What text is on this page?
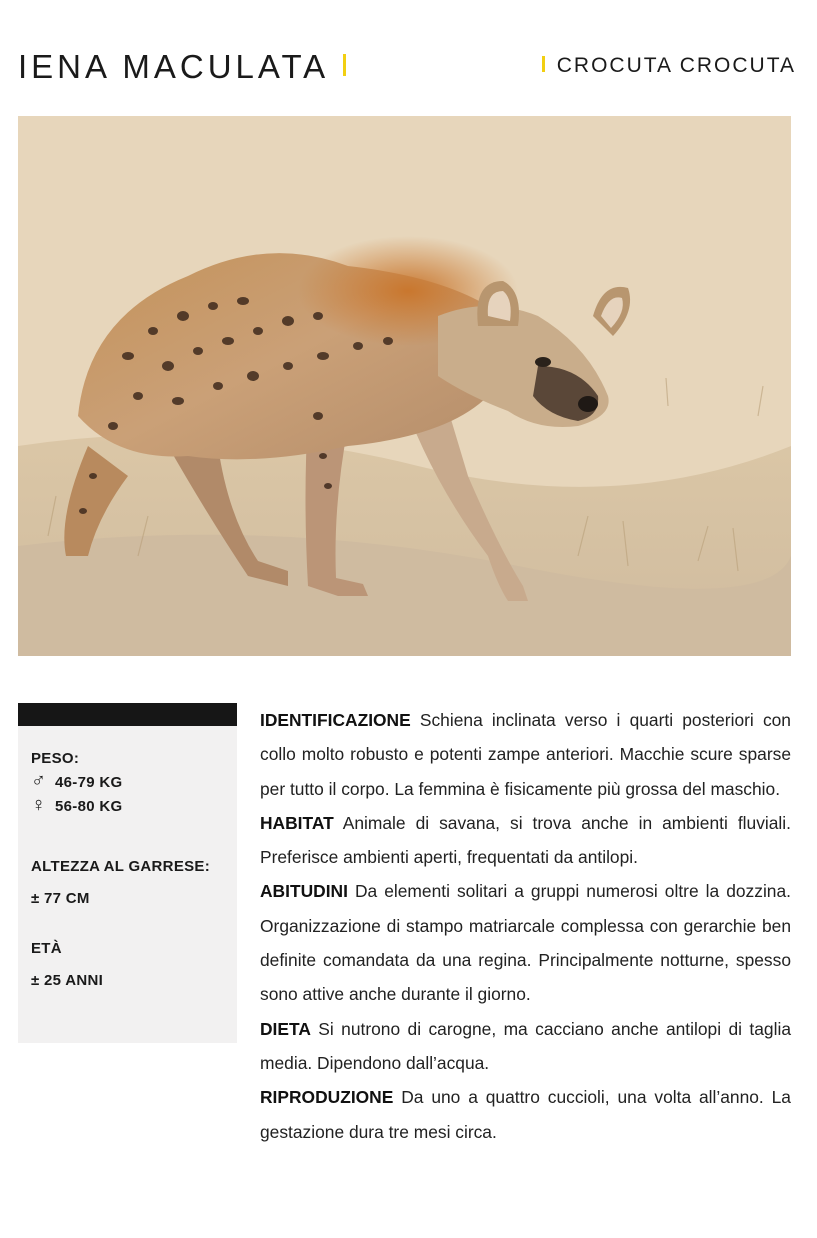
IENA MACULATA	CROCUTA CROCUTA
PESO:
♂ 46-79 KG
♀ 56-80 KG
ALTEZZA AL GARRESE:
± 77 CM
ETÀ
± 25 ANNI

IDENTIFICAZIONE Schiena inclinata verso i quarti posteriori con collo molto robusto e potenti zampe anteriori. Macchie scure sparse per tutto il corpo. La femmina è fisicamente più grossa del maschio.

HABITAT Animale di savana, si trova anche in ambienti fluviali. Preferisce ambienti aperti, frequentati da antilopi.

ABITUDINI Da elementi solitari a gruppi numerosi oltre la dozzina. Organizzazione di stampo matriarcale complessa con gerarchie ben definite comandata da una regina. Principalmente notturne, spesso sono attive anche durante il giorno.

DIETA Si nutrono di carogne, ma cacciano anche antilopi di taglia media. Dipendono dall’acqua.

RIPRODUZIONE Da uno a quattro cuccioli, una volta all’anno. La gestazione dura tre mesi circa.
